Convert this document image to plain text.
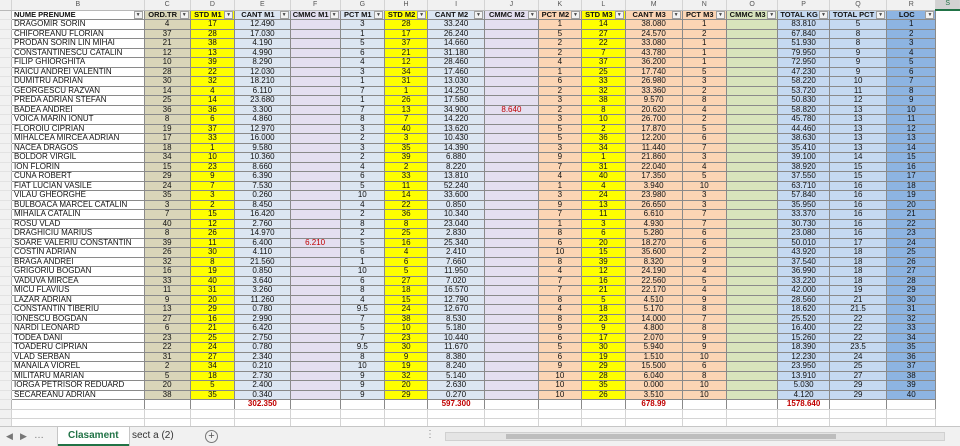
	B	C	D	E	F	G	H	I	J	K	L	M	N	O	P	Q	R	S
	NUME PRENUME ▼	ORD.TR ▼	STD M1 ▼	CANT M1 ▼	CMMC M1 ▼	PCT M1 ▼	STD M2 ▼	CANT M2 ▼	CMMC M2 ▼	PCT M2 ▼	STD M3 ▼	CANT M3 ▼	PCT M3 ▼	CMMC M3 ▼	TOTAL KG ▼	TOTAL PCT ▼	LOC ▼	

	DRAGOMIR SORIN	4	17	12.490		3	28	33.240		1	14	38.080	1		83.810	5	1	
	CHIFOREANU FLORIAN	37	28	17.030		1	17	26.240		5	27	24.570	2		67.840	8	2	
	PRODAN SORIN LIN MIHAI	21	38	4.190		5	37	14.660		2	22	33.080	1		51.930	8	3	
	CONSTANTINESCU CATALIN	12	13	4.990		6	21	31.180		2	7	43.780	1		79.950	9	4	
	FILIP GHIORGHITA	10	39	8.290		4	12	28.460		4	37	36.200	1		72.950	9	5	
	RAICU ANDREI VALENTIN	28	22	12.030		3	34	17.460		1	25	17.740	5		47.230	9	6	
	DUMITRU ADRIAN	30	32	18.210		1	31	13.030		6	33	26.980	3		58.220	10	7	
	GEORGESCU RAZVAN	14	4	6.110		7	1	14.250		2	32	33.360	2		53.720	11	8	
	PREDA ADRIAN STEFAN	25	14	23.680		1	26	17.580		3	38	9.570	8		50.830	12	9	
	BADEA ANDREI	36	36	3.300		7	13	34.900	8.640	2	8	20.620	4		58.820	13	10	
	VOICA MARIN IONUT	8	6	4.860		8	7	14.220		3	10	26.700	2		45.780	13	11	
	FLOROIU CIPRIAN	19	37	12.970		3	40	13.620		5	2	17.870	5		44.460	13	12	
	MIHALCEA MIRCEA ADRIAN	17	33	16.000		2	3	10.430		5	36	12.200	6		38.630	13	13	
	NACEA DRAGOS	18	1	9.580		3	35	14.390		3	34	11.440	7		35.410	13	14	
	BOLDOR VIRGIL	34	10	10.360		2	39	6.880		9	1	21.860	3		39.100	14	15	
	ION FLORIN	15	23	8.660		4	2	8.220		7	31	22.040	4		38.920	15	16	
	CUNA ROBERT	29	9	6.390		6	33	13.810		4	40	17.350	5		37.550	15	17	
	FIAT LUCIAN VASILE	24	7	7.530		5	11	52.240		1	4	3.940	10		63.710	16	18	
	VILAU GHEORGHE	35	3	0.260		10	14	33.600		3	24	23.980	3		57.840	16	19	
	BULBOACA MARCEL CATALIN	3	2	8.450		4	22	0.850		9	13	26.650	3		35.950	16	20	
	MIHAILA CATALIN	7	15	16.420		2	36	10.340		7	11	6.610	7		33.370	16	21	
	ROSU VLAD	40	12	2.760		8	8	23.040		1	3	4.930	7		30.730	16	22	
	DRAGHICIU MARIUS	8	26	14.970		2	25	2.830		8	6	5.280	6		23.080	16	23	
	SOARE VALERIU CONSTANTIN	39	11	6.400	6.210	5	16	25.340		6	20	18.270	6		50.010	17	24	
	COSTIN ADRIAN	26	30	4.110		6	4	2.410		10	15	35.600	2		43.920	18	25	
	BRAGA ANDREI	32	8	21.560		1	6	7.660		8	39	8.320	9		37.540	18	26	
	GRIGORIU BOGDAN	16	19	0.850		10	5	11.950		4	12	24.190	4		36.990	18	27	
	VADUVA MIRCEA	33	40	3.640		6	27	7.020		7	16	22.560	5		33.220	18	28	
	MICU FLAVIUS	11	31	3.260		8	18	16.570		7	21	22.170	4		42.000	19	29	
	LAZAR ADRIAN	9	20	11.260		4	15	12.790		8	5	4.510	9		28.560	21	30	
	CONSTANTIN TIBERIU	13	29	0.780		9.5	24	12.670		4	18	5.170	8		18.620	21.5	31	
	IONESCU BOGDAN	27	16	2.990		7	38	8.530		8	23	14.000	7		25.520	22	32	
	NARDI LEONARD	6	21	6.420		5	10	5.180		9	9	4.800	8		16.400	22	33	
	TODEA DANI	23	25	2.750		7	23	10.440		6	17	2.070	9		15.260	22	34	
	TOADERU CIPRIAN	22	24	0.780		9.5	30	11.670		5	30	5.940	9		18.390	23.5	35	
	VLAD SERBAN	31	27	2.340		8	9	8.380		6	19	1.510	10		12.230	24	36	
	MANAILA VIOREL	2	34	0.210		10	19	8.240		9	29	15.500	6		23.950	25	37	
	MILITARU MARIAN	5	18	2.730		9	32	5.140		10	28	6.040	8		13.910	27	38	
	IORGA PETRISOR REDUARD	20	5	2.400		9	20	2.630		10	35	0.000	10		5.030	29	39	
	SECAREANU ADRIAN	38	35	0.340		9	29	0.270		10	26	3.510	10		4.120	29	40	
				302.350				597.300				678.99			1578.640			

◀ ▶ …	Clasament	sect a (2)	+	⋮
